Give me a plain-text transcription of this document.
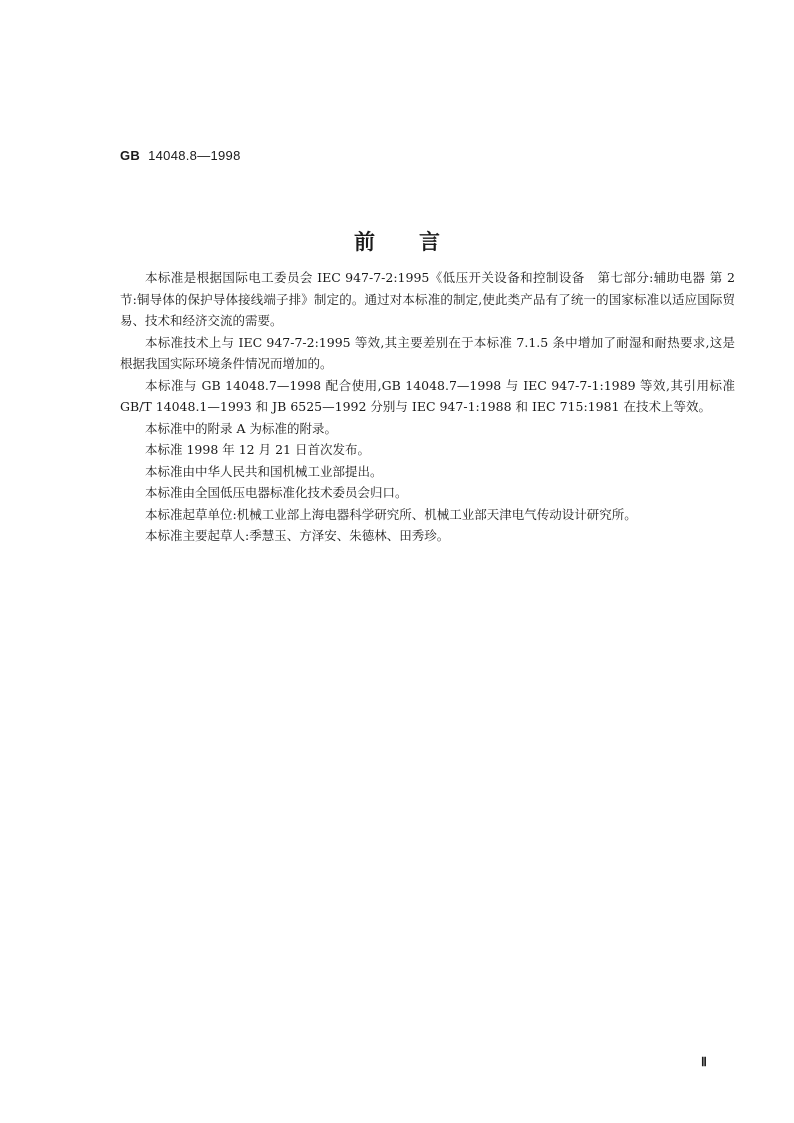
GB 14048.8—1998
前言

本标准是根据国际电工委员会 IEC 947-7-2:1995《低压开关设备和控制设备　第七部分:辅助电器 第 2 节:铜导体的保护导体接线端子排》制定的。通过对本标准的制定,使此类产品有了统一的国家标准以适应国际贸易、技术和经济交流的需要。

本标准技术上与 IEC 947-7-2:1995 等效,其主要差别在于本标准 7.1.5 条中增加了耐湿和耐热要求,这是根据我国实际环境条件情况而增加的。

本标准与 GB 14048.7—1998 配合使用,GB 14048.7—1998 与 IEC 947-7-1:1989 等效,其引用标准 GB/T 14048.1—1993 和 JB 6525—1992 分别与 IEC 947-1:1988 和 IEC 715:1981 在技术上等效。

本标准中的附录 A 为标准的附录。

本标准 1998 年 12 月 21 日首次发布。

本标准由中华人民共和国机械工业部提出。

本标准由全国低压电器标准化技术委员会归口。

本标准起草单位:机械工业部上海电器科学研究所、机械工业部天津电气传动设计研究所。

本标准主要起草人:季慧玉、方泽安、朱德林、田秀珍。

Ⅱ
